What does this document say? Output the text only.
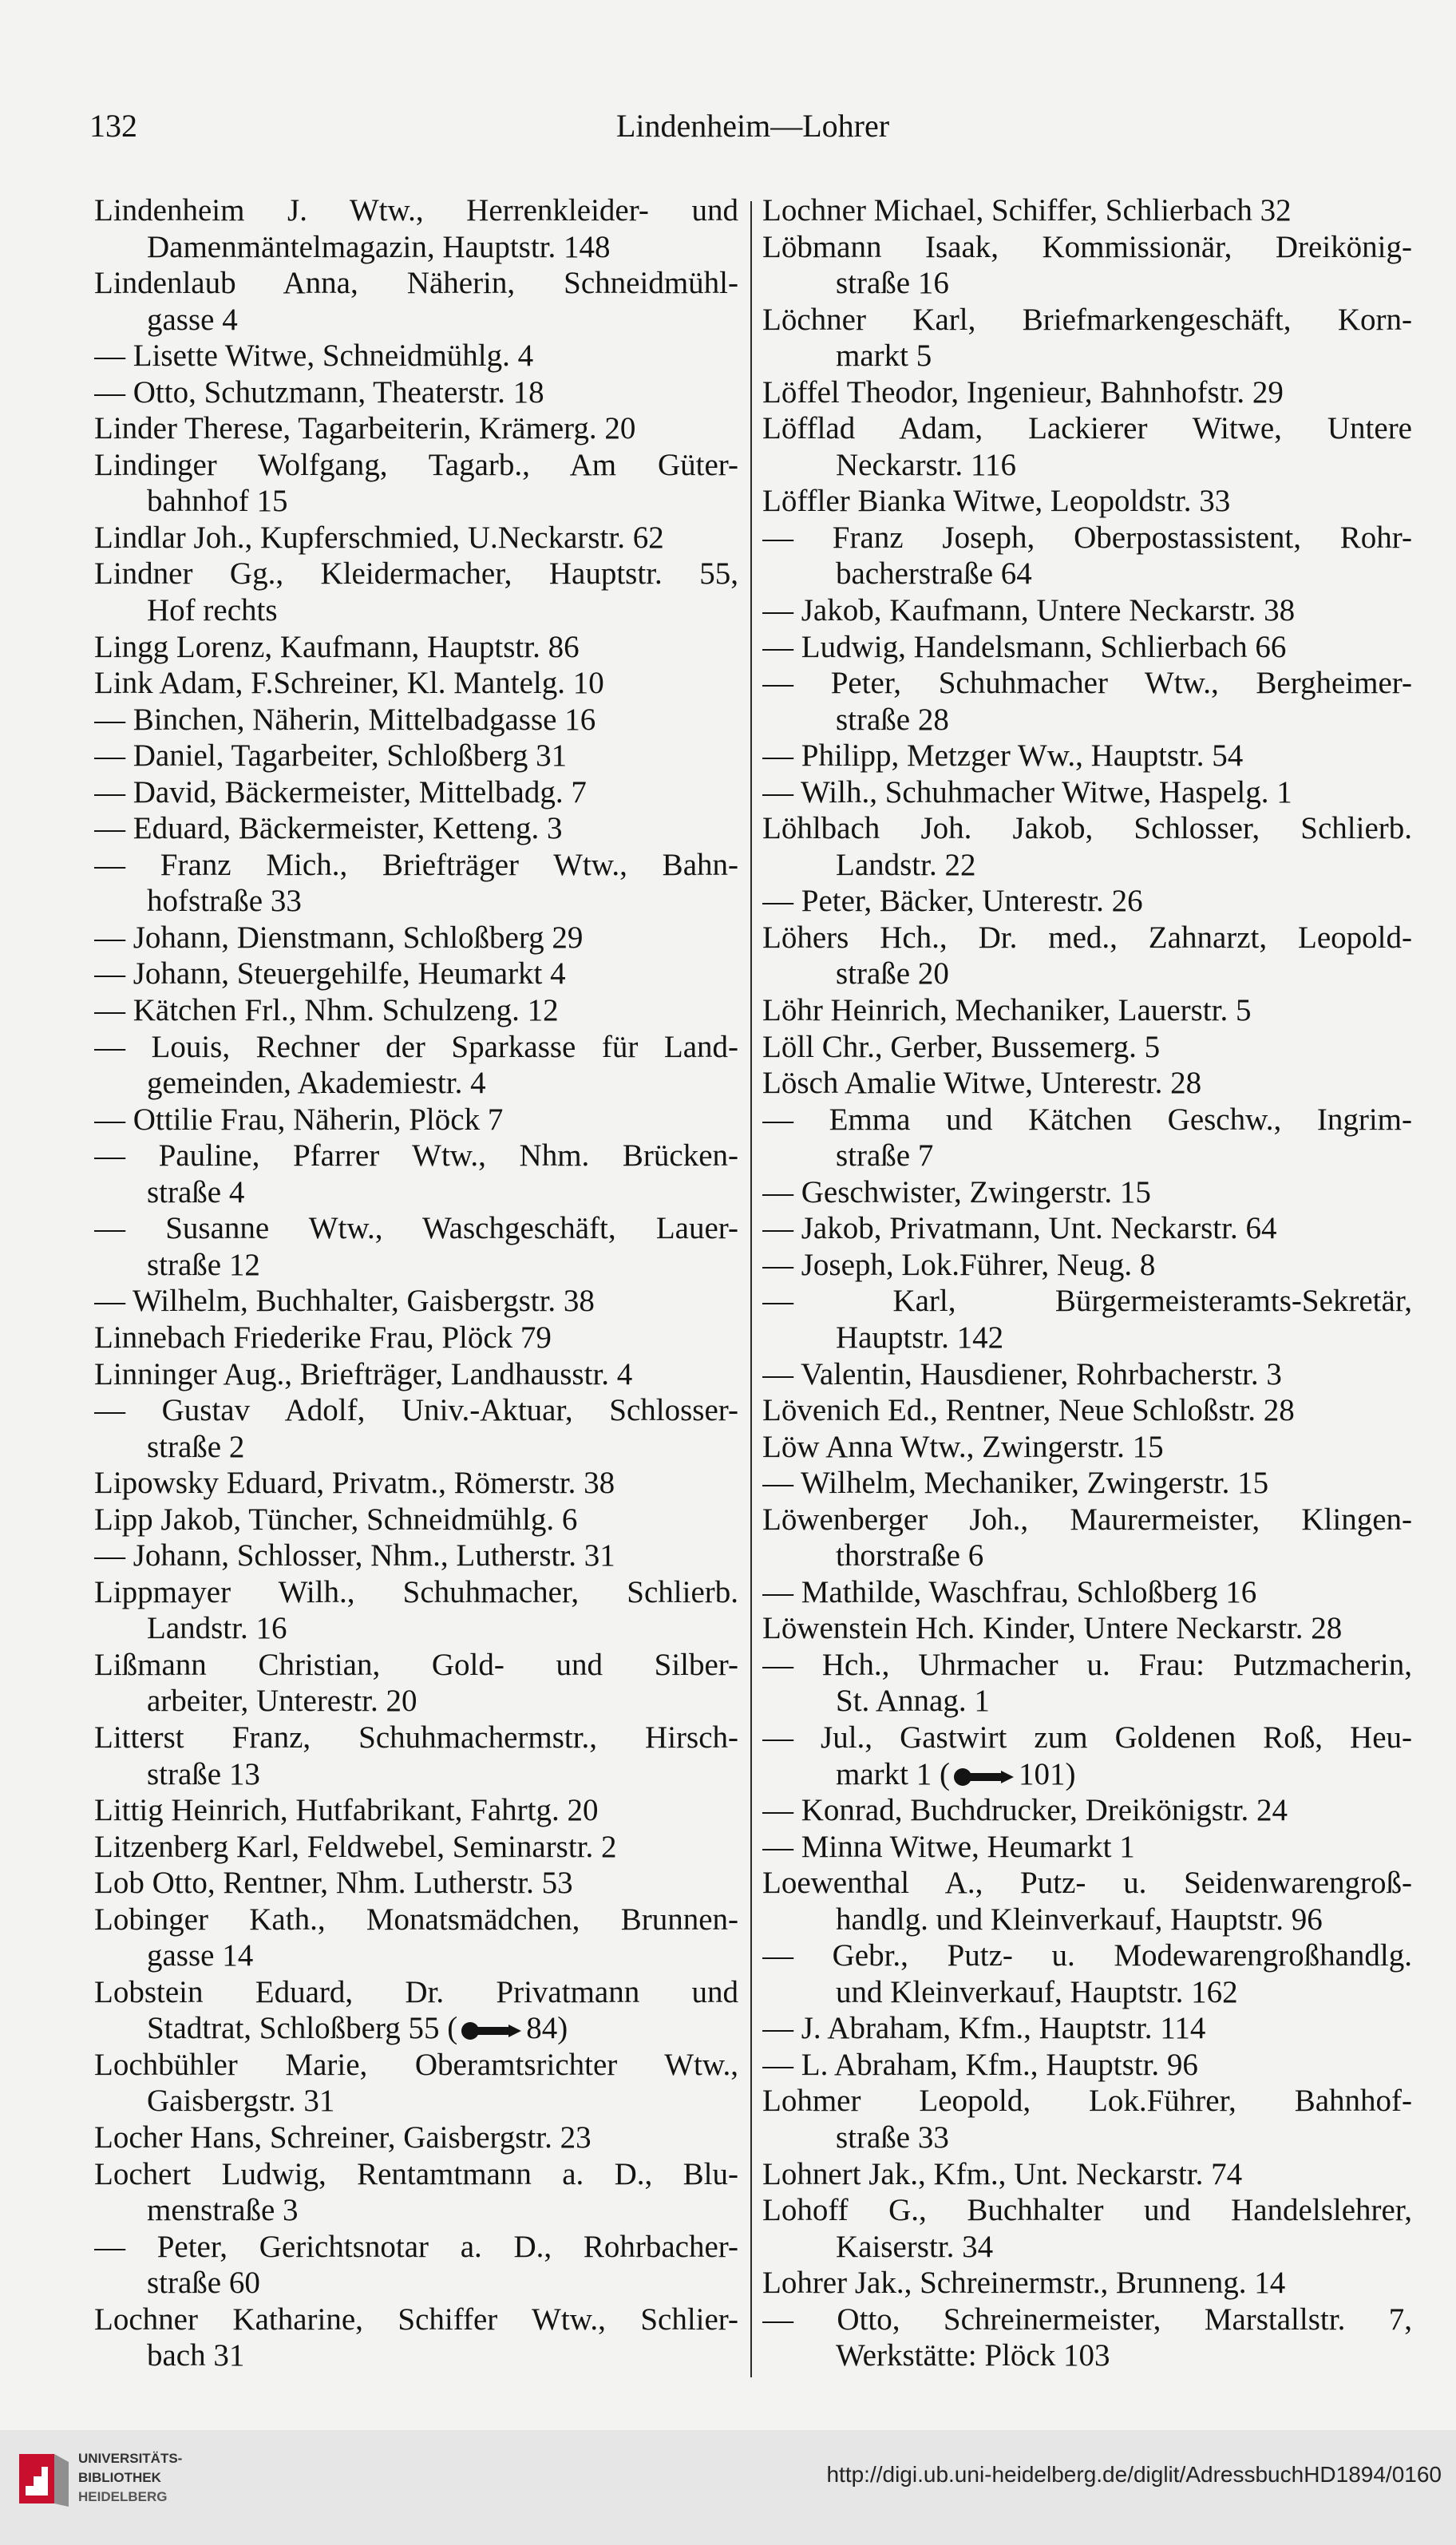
132	Lindenheim—Lohrer
Lindenheim J. Wtw., Herrenkleider- und
Damenmäntelmagazin, Hauptstr. 148
Lindenlaub Anna, Näherin, Schneidmühl-
gasse 4
— Lisette Witwe, Schneidmühlg. 4
— Otto, Schutzmann, Theaterstr. 18
Linder Therese, Tagarbeiterin, Krämerg. 20
Lindinger Wolfgang, Tagarb., Am Güter-
bahnhof 15
Lindlar Joh., Kupferschmied, U.Neckarstr. 62
Lindner Gg., Kleidermacher, Hauptstr. 55,
Hof rechts
Lingg Lorenz, Kaufmann, Hauptstr. 86
Link Adam, F.Schreiner, Kl. Mantelg. 10
— Binchen, Näherin, Mittelbadgasse 16
— Daniel, Tagarbeiter, Schloßberg 31
— David, Bäckermeister, Mittelbadg. 7
— Eduard, Bäckermeister, Ketteng. 3
— Franz Mich., Briefträger Wtw., Bahn-
hofstraße 33
— Johann, Dienstmann, Schloßberg 29
— Johann, Steuergehilfe, Heumarkt 4
— Kätchen Frl., Nhm. Schulzeng. 12
— Louis, Rechner der Sparkasse für Land-
gemeinden, Akademiestr. 4
— Ottilie Frau, Näherin, Plöck 7
— Pauline, Pfarrer Wtw., Nhm. Brücken-
straße 4
— Susanne Wtw., Waschgeschäft, Lauer-
straße 12
— Wilhelm, Buchhalter, Gaisbergstr. 38
Linnebach Friederike Frau, Plöck 79
Linninger Aug., Briefträger, Landhausstr. 4
— Gustav Adolf, Univ.-Aktuar, Schlosser-
straße 2
Lipowsky Eduard, Privatm., Römerstr. 38
Lipp Jakob, Tüncher, Schneidmühlg. 6
— Johann, Schlosser, Nhm., Lutherstr. 31
Lippmayer Wilh., Schuhmacher, Schlierb.
Landstr. 16
Lißmann Christian, Gold- und Silber-
arbeiter, Unterestr. 20
Litterst Franz, Schuhmachermstr., Hirsch-
straße 13
Littig Heinrich, Hutfabrikant, Fahrtg. 20
Litzenberg Karl, Feldwebel, Seminarstr. 2
Lob Otto, Rentner, Nhm. Lutherstr. 53
Lobinger Kath., Monatsmädchen, Brunnen-
gasse 14
Lobstein Eduard, Dr. Privatmann und
Stadtrat, Schloßberg 55 ( 84)
Lochbühler Marie, Oberamtsrichter Wtw.,
Gaisbergstr. 31
Locher Hans, Schreiner, Gaisbergstr. 23
Lochert Ludwig, Rentamtmann a. D., Blu-
menstraße 3
— Peter, Gerichtsnotar a. D., Rohrbacher-
straße 60
Lochner Katharine, Schiffer Wtw., Schlier-
bach 31
Lochner Michael, Schiffer, Schlierbach 32
Löbmann Isaak, Kommissionär, Dreikönig-
straße 16
Löchner Karl, Briefmarkengeschäft, Korn-
markt 5
Löffel Theodor, Ingenieur, Bahnhofstr. 29
Löfflad Adam, Lackierer Witwe, Untere
Neckarstr. 116
Löffler Bianka Witwe, Leopoldstr. 33
— Franz Joseph, Oberpostassistent, Rohr-
bacherstraße 64
— Jakob, Kaufmann, Untere Neckarstr. 38
— Ludwig, Handelsmann, Schlierbach 66
— Peter, Schuhmacher Wtw., Bergheimer-
straße 28
— Philipp, Metzger Ww., Hauptstr. 54
— Wilh., Schuhmacher Witwe, Haspelg. 1
Löhlbach Joh. Jakob, Schlosser, Schlierb.
Landstr. 22
— Peter, Bäcker, Unterestr. 26
Löhers Hch., Dr. med., Zahnarzt, Leopold-
straße 20
Löhr Heinrich, Mechaniker, Lauerstr. 5
Löll Chr., Gerber, Bussemerg. 5
Lösch Amalie Witwe, Unterestr. 28
— Emma und Kätchen Geschw., Ingrim-
straße 7
— Geschwister, Zwingerstr. 15
— Jakob, Privatmann, Unt. Neckarstr. 64
— Joseph, Lok.Führer, Neug. 8
— Karl, Bürgermeisteramts-Sekretär,
Hauptstr. 142
— Valentin, Hausdiener, Rohrbacherstr. 3
Lövenich Ed., Rentner, Neue Schloßstr. 28
Löw Anna Wtw., Zwingerstr. 15
— Wilhelm, Mechaniker, Zwingerstr. 15
Löwenberger Joh., Maurermeister, Klingen-
thorstraße 6
— Mathilde, Waschfrau, Schloßberg 16
Löwenstein Hch. Kinder, Untere Neckarstr. 28
— Hch., Uhrmacher u. Frau: Putzmacherin,
St. Annag. 1
— Jul., Gastwirt zum Goldenen Roß, Heu-
markt 1 ( 101)
— Konrad, Buchdrucker, Dreikönigstr. 24
— Minna Witwe, Heumarkt 1
Loewenthal A., Putz- u. Seidenwarengroß-
handlg. und Kleinverkauf, Hauptstr. 96
— Gebr., Putz- u. Modewarengroßhandlg.
und Kleinverkauf, Hauptstr. 162
— J. Abraham, Kfm., Hauptstr. 114
— L. Abraham, Kfm., Hauptstr. 96
Lohmer Leopold, Lok.Führer, Bahnhof-
straße 33
Lohnert Jak., Kfm., Unt. Neckarstr. 74
Lohoff G., Buchhalter und Handelslehrer,
Kaiserstr. 34
Lohrer Jak., Schreinermstr., Brunneng. 14
— Otto, Schreinermeister, Marstallstr. 7,
Werkstätte: Plöck 103
UNIVERSITÄTS-
BIBLIOTHEK
HEIDELBERG
http://digi.ub.uni-heidelberg.de/diglit/AdressbuchHD1894/0160
